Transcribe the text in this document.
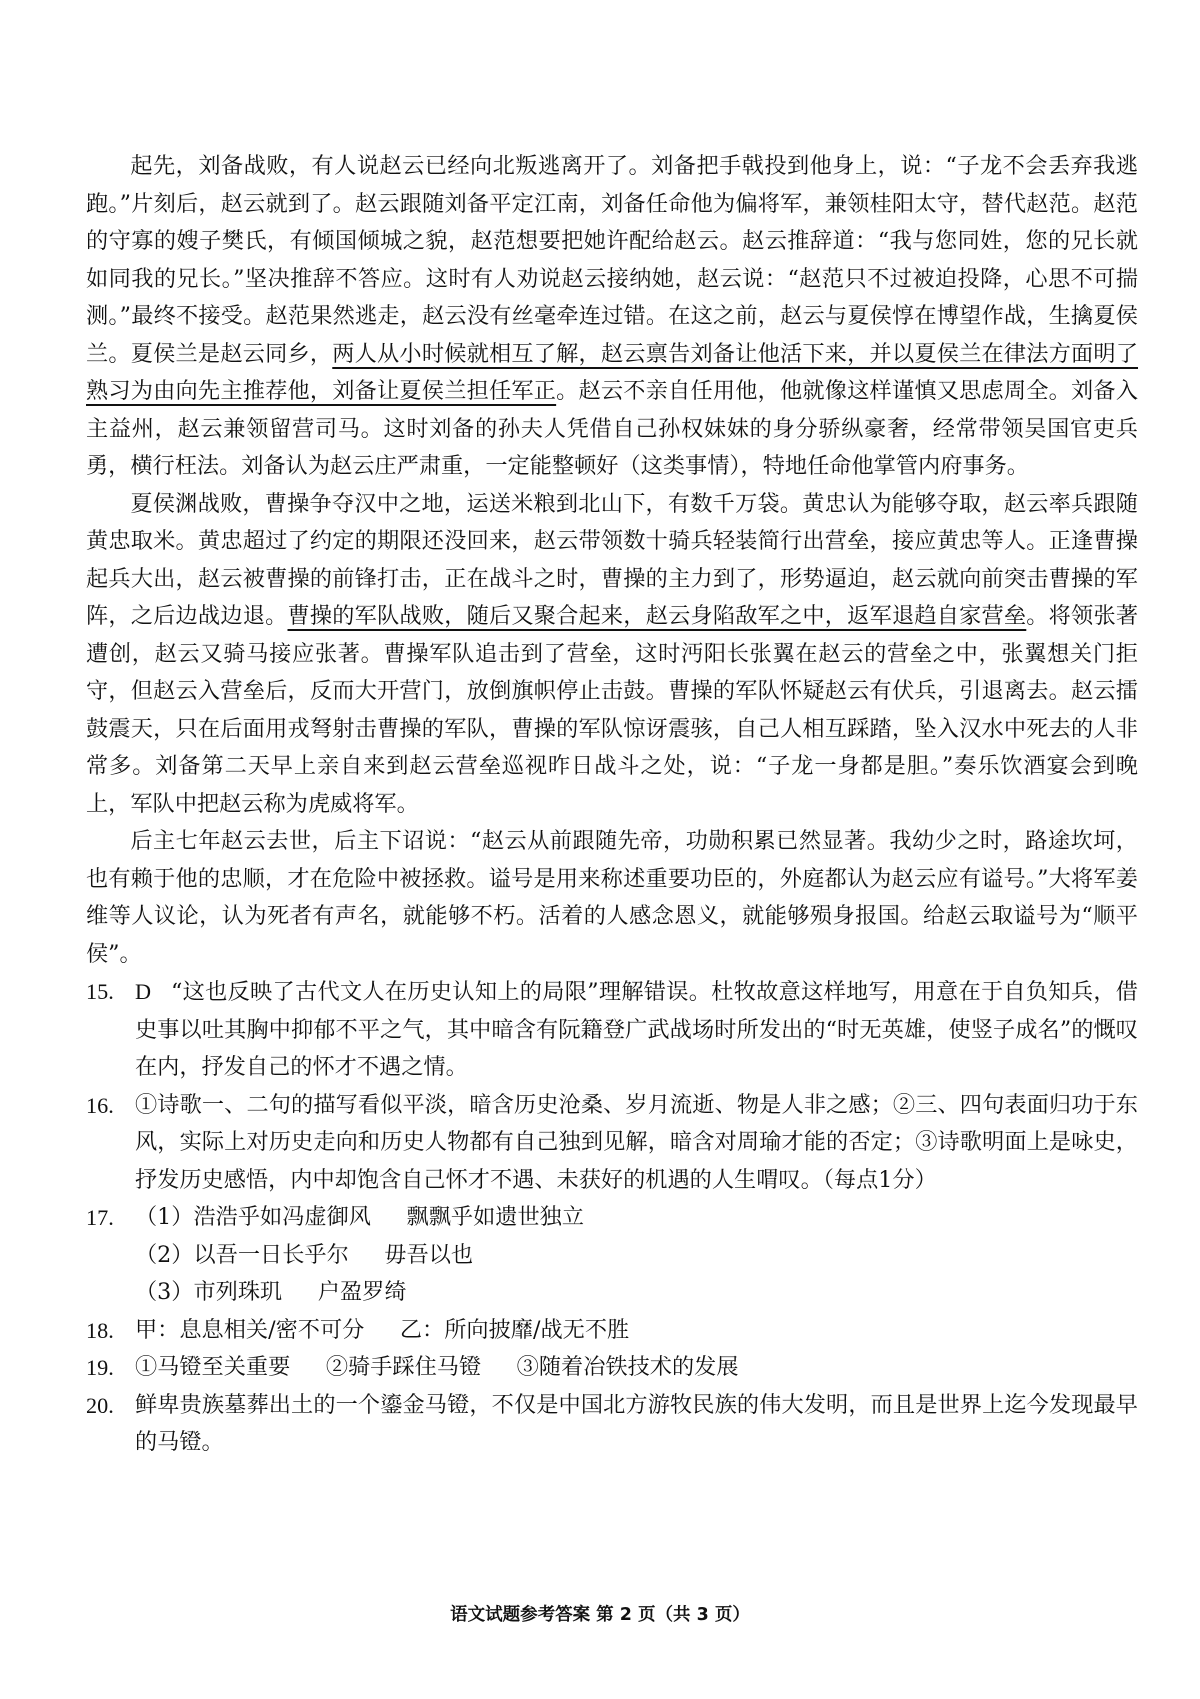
起先，刘备战败，有人说赵云已经向北叛逃离开了。刘备把手戟投到他身上，说：“子龙不会丢弃我逃跑。”片刻后，赵云就到了。赵云跟随刘备平定江南，刘备任命他为偏将军，兼领桂阳太守，替代赵范。赵范的守寡的嫂子樊氏，有倾国倾城之貌，赵范想要把她许配给赵云。赵云推辞道：“我与您同姓，您的兄长就如同我的兄长。”坚决推辞不答应。这时有人劝说赵云接纳她，赵云说：“赵范只不过被迫投降，心思不可揣测。”最终不接受。赵范果然逃走，赵云没有丝毫牵连过错。在这之前，赵云与夏侯惇在博望作战，生擒夏侯兰。夏侯兰是赵云同乡，两人从小时候就相互了解，赵云禀告刘备让他活下来，并以夏侯兰在律法方面明了熟习为由向先主推荐他，刘备让夏侯兰担任军正。赵云不亲自任用他，他就像这样谨慎又思虑周全。刘备入主益州，赵云兼领留营司马。这时刘备的孙夫人凭借自己孙权妹妹的身分骄纵豪奢，经常带领吴国官吏兵勇，横行枉法。刘备认为赵云庄严肃重，一定能整顿好（这类事情），特地任命他掌管内府事务。

夏侯渊战败，曹操争夺汉中之地，运送米粮到北山下，有数千万袋。黄忠认为能够夺取，赵云率兵跟随黄忠取米。黄忠超过了约定的期限还没回来，赵云带领数十骑兵轻装简行出营垒，接应黄忠等人。正逢曹操起兵大出，赵云被曹操的前锋打击，正在战斗之时，曹操的主力到了，形势逼迫，赵云就向前突击曹操的军阵，之后边战边退。曹操的军队战败，随后又聚合起来，赵云身陷敌军之中，返军退趋自家营垒。将领张著遭创，赵云又骑马接应张著。曹操军队追击到了营垒，这时沔阳长张翼在赵云的营垒之中，张翼想关门拒守，但赵云入营垒后，反而大开营门，放倒旗帜停止击鼓。曹操的军队怀疑赵云有伏兵，引退离去。赵云擂鼓震天，只在后面用戎弩射击曹操的军队，曹操的军队惊讶震骇，自己人相互踩踏，坠入汉水中死去的人非常多。刘备第二天早上亲自来到赵云营垒巡视昨日战斗之处，说：“子龙一身都是胆。”奏乐饮酒宴会到晚上，军队中把赵云称为虎威将军。

后主七年赵云去世，后主下诏说：“赵云从前跟随先帝，功勋积累已然显著。我幼少之时，路途坎坷，也有赖于他的忠顺，才在危险中被拯救。谥号是用来称述重要功臣的，外庭都认为赵云应有谥号。”大将军姜维等人议论，认为死者有声名，就能够不朽。活着的人感念恩义，就能够殒身报国。给赵云取谥号为“顺平侯”。

15. D “这也反映了古代文人在历史认知上的局限”理解错误。杜牧故意这样地写，用意在于自负知兵，借史事以吐其胸中抑郁不平之气，其中暗含有阮籍登广武战场时所发出的“时无英雄，使竖子成名”的慨叹在内，抒发自己的怀才不遇之情。
16. ①诗歌一、二句的描写看似平淡，暗含历史沧桑、岁月流逝、物是人非之感；②三、四句表面归功于东风，实际上对历史走向和历史人物都有自己独到见解，暗含对周瑜才能的否定；③诗歌明面上是咏史，抒发历史感悟，内中却饱含自己怀才不遇、未获好的机遇的人生喟叹。（每点1分）
17. （1）浩浩乎如冯虚御风 飘飘乎如遗世独立
（2）以吾一日长乎尔 毋吾以也
（3）市列珠玑 户盈罗绮
18. 甲：息息相关/密不可分 乙：所向披靡/战无不胜
19. ①马镫至关重要 ②骑手踩住马镫 ③随着冶铁技术的发展
20. 鲜卑贵族墓葬出土的一个鎏金马镫，不仅是中国北方游牧民族的伟大发明，而且是世界上迄今发现最早的马镫。
语文试题参考答案 第 2 页（共 3 页）
